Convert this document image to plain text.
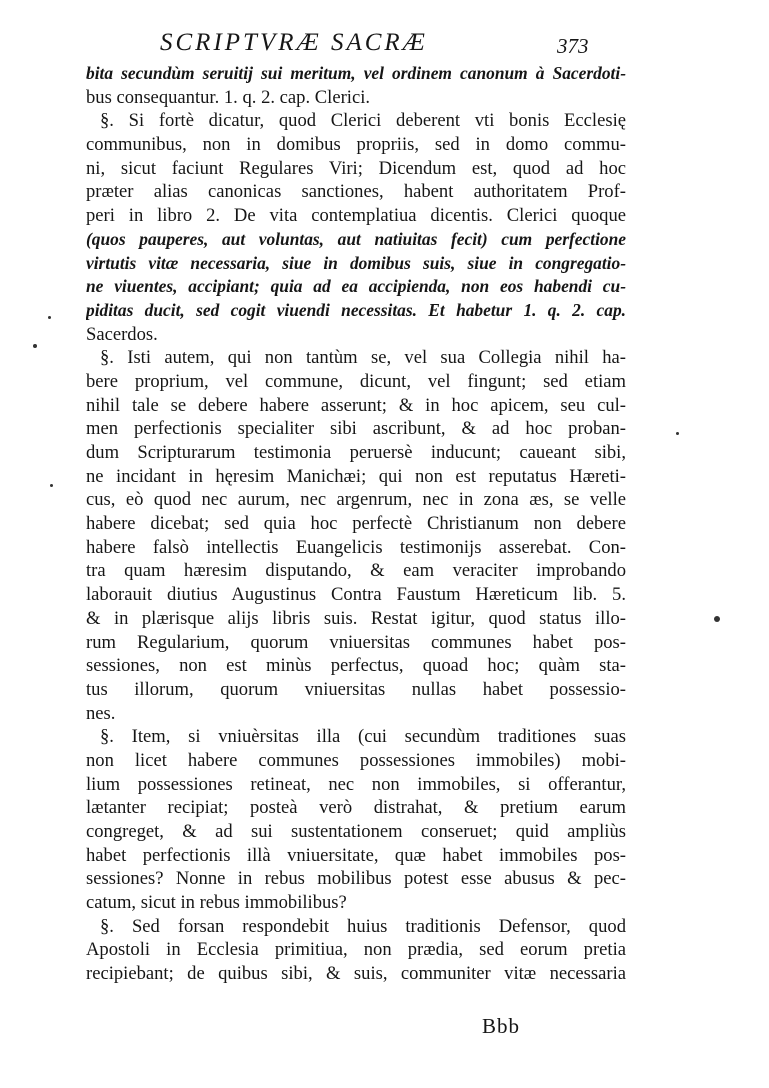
SCRIPTVRÆ SACRÆ	373
bita secundùm seruitij sui meritum, vel ordinem canonum à Sacerdoti-
bus consequantur. 1. q. 2. cap. Clerici.
§. Si fortè dicatur, quod Clerici deberent vti bonis Ecclesię
communibus, non in domibus propriis, sed in domo commu-
ni, sicut faciunt Regulares Viri; Dicendum est, quod ad hoc
præter alias canonicas sanctiones, habent authoritatem Prof-
peri in libro 2. De vita contemplatiua dicentis. Clerici quoque
(quos pauperes, aut voluntas, aut natiuitas fecit) cum perfectione
virtutis vitæ necessaria, siue in domibus suis, siue in congregatio-
ne viuentes, accipiant; quia ad ea accipienda, non eos habendi cu-
piditas ducit, sed cogit viuendi necessitas. Et habetur 1. q. 2. cap.
Sacerdos.
§. Isti autem, qui non tantùm se, vel sua Collegia nihil ha-
bere proprium, vel commune, dicunt, vel fingunt; sed etiam
nihil tale se debere habere asserunt; & in hoc apicem, seu cul-
men perfectionis specialiter sibi ascribunt, & ad hoc proban-
dum Scripturarum testimonia peruersè inducunt; caueant sibi,
ne incidant in hęresim Manichæi; qui non est reputatus Hæreti-
cus, eò quod nec aurum, nec argenrum, nec in zona æs, se velle
habere dicebat; sed quia hoc perfectè Christianum non debere
habere falsò intellectis Euangelicis testimonijs asserebat. Con-
tra quam hæresim disputando, & eam veraciter improbando
laborauit diutius Augustinus Contra Faustum Hæreticum lib. 5.
& in plærisque alijs libris suis. Restat igitur, quod status illo-
rum Regularium, quorum vniuersitas communes habet pos-
sessiones, non est minùs perfectus, quoad hoc; quàm sta-
tus illorum, quorum vniuersitas nullas habet possessio-
nes.
§. Item, si vniuèrsitas illa (cui secundùm traditiones suas
non licet habere communes possessiones immobiles) mobi-
lium possessiones retineat, nec non immobiles, si offerantur,
lætanter recipiat; posteà verò distrahat, & pretium earum
congreget, & ad sui sustentationem conseruet; quid ampliùs
habet perfectionis illà vniuersitate, quæ habet immobiles pos-
sessiones? Nonne in rebus mobilibus potest esse abusus & pec-
catum, sicut in rebus immobilibus?
§. Sed forsan respondebit huius traditionis Defensor, quod
Apostoli in Ecclesia primitiua, non prædia, sed eorum pretia
recipiebant; de quibus sibi, & suis, communiter vitæ necessaria
Bbb
